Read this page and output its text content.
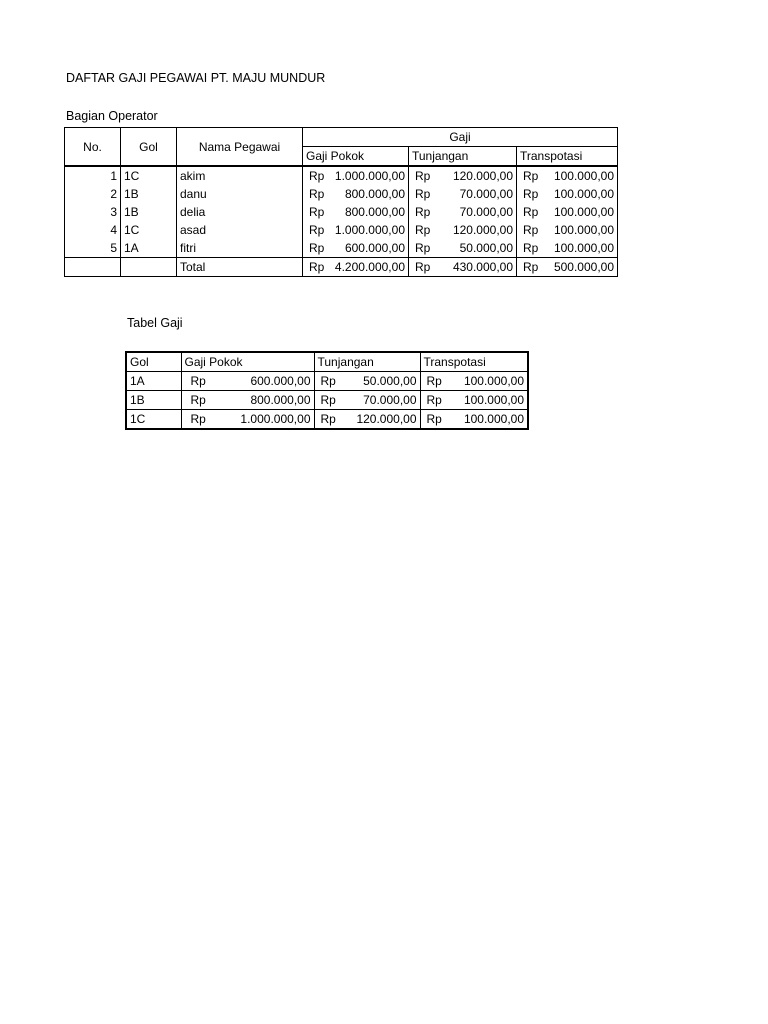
DAFTAR GAJI PEGAWAI PT. MAJU MUNDUR
Bagian Operator
No.	Gol	Nama Pegawai	Gaji		
			Gaji Pokok	Tunjangan	Transpotasi
1	1C	akim	Rp 1.000.000,00	Rp 120.000,00	Rp 100.000,00

2	1B	danu	Rp 800.000,00	Rp 70.000,00	Rp 100.000,00

3	1B	delia	Rp 800.000,00	Rp 70.000,00	Rp 100.000,00

4	1C	asad	Rp 1.000.000,00	Rp 120.000,00	Rp 100.000,00

5	1A	fitri	Rp 600.000,00	Rp 50.000,00	Rp 100.000,00

		Total	Rp 4.200.000,00	Rp 430.000,00	Rp 500.000,00
Tabel Gaji
Gol	Gaji Pokok	Tunjangan	Transpotasi
1A	Rp 600.000,00	Rp 50.000,00	Rp 100.000,00

1B	Rp 800.000,00	Rp 70.000,00	Rp 100.000,00

1C	Rp 1.000.000,00	Rp 120.000,00	Rp 100.000,00
